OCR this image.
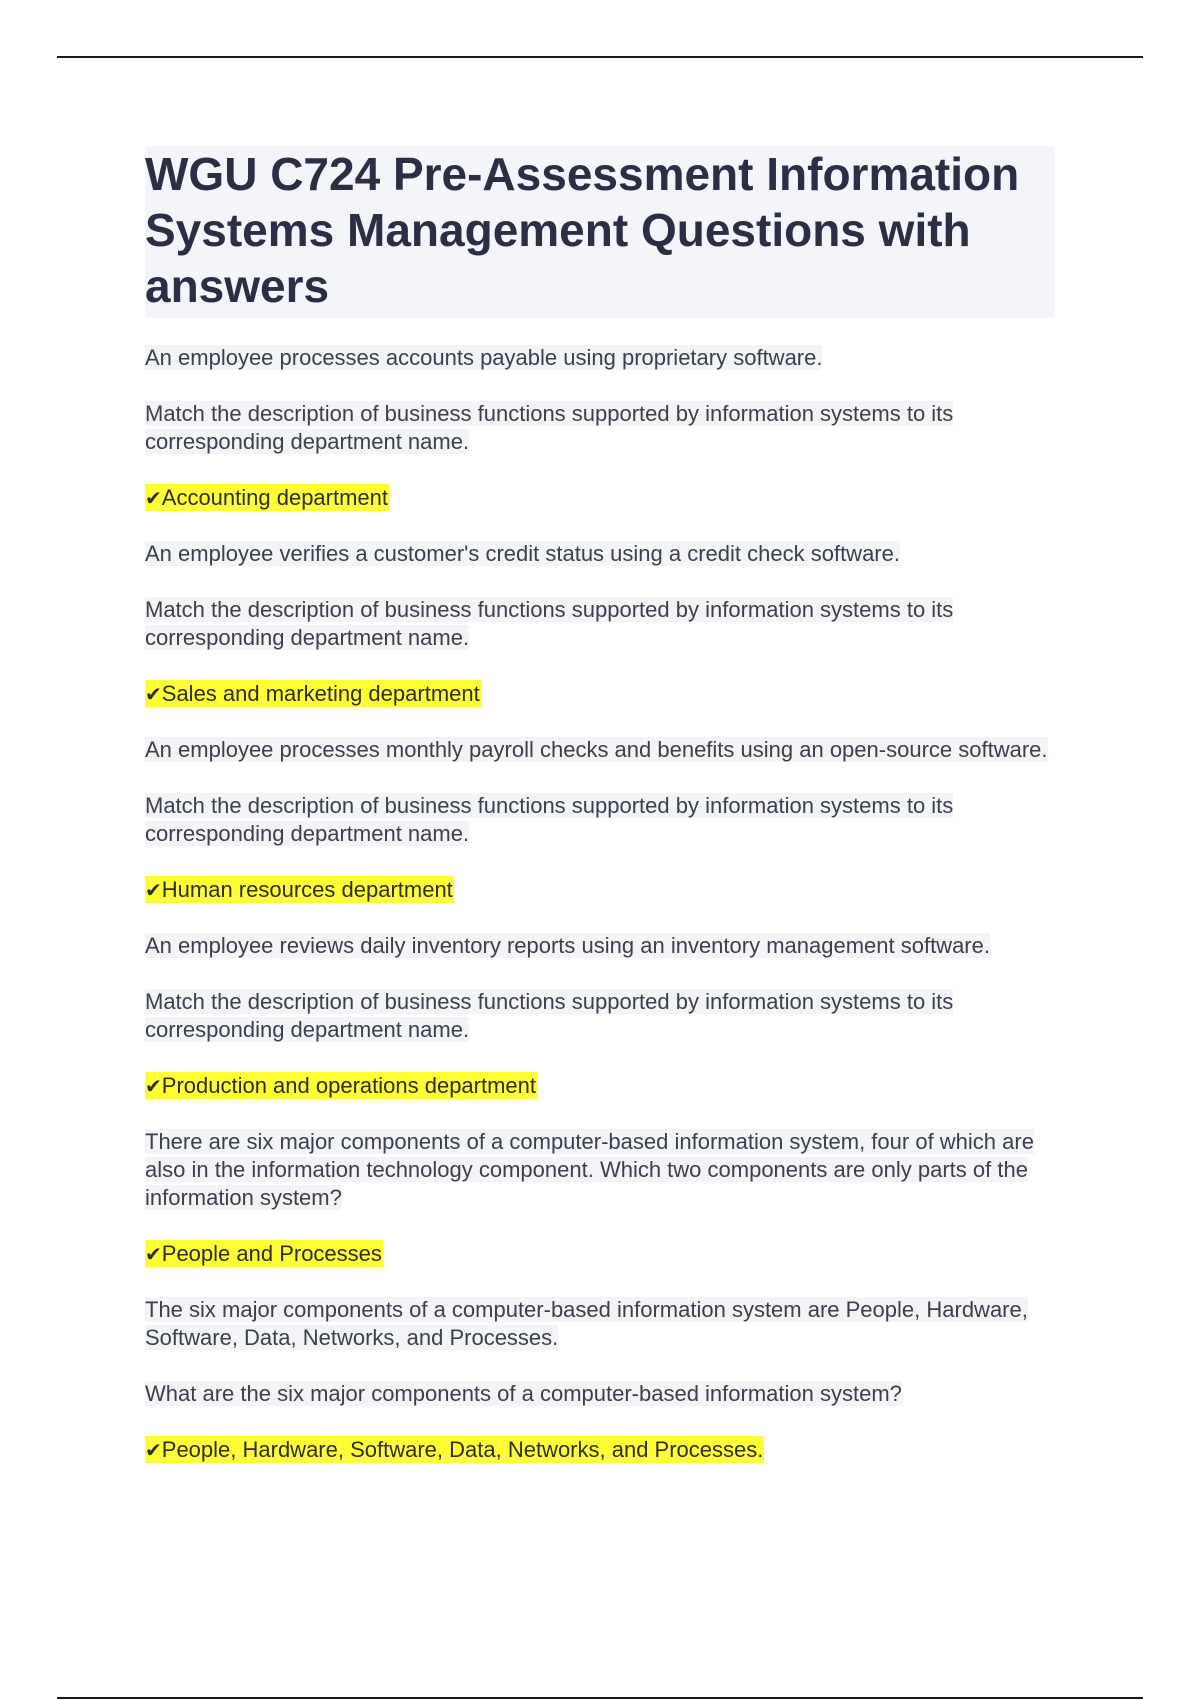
WGU C724 Pre-Assessment Information Systems Management Questions with answers

An employee processes accounts payable using proprietary software.

Match the description of business functions supported by information systems to its corresponding department name.

✔Accounting department

An employee verifies a customer's credit status using a credit check software.

Match the description of business functions supported by information systems to its corresponding department name.

✔Sales and marketing department

An employee processes monthly payroll checks and benefits using an open-source software.

Match the description of business functions supported by information systems to its corresponding department name.

✔Human resources department

An employee reviews daily inventory reports using an inventory management software.

Match the description of business functions supported by information systems to its corresponding department name.

✔Production and operations department

There are six major components of a computer-based information system, four of which are also in the information technology component. Which two components are only parts of the information system?

✔People and Processes

The six major components of a computer-based information system are People, Hardware, Software, Data, Networks, and Processes.

What are the six major components of a computer-based information system?

✔People, Hardware, Software, Data, Networks, and Processes.
